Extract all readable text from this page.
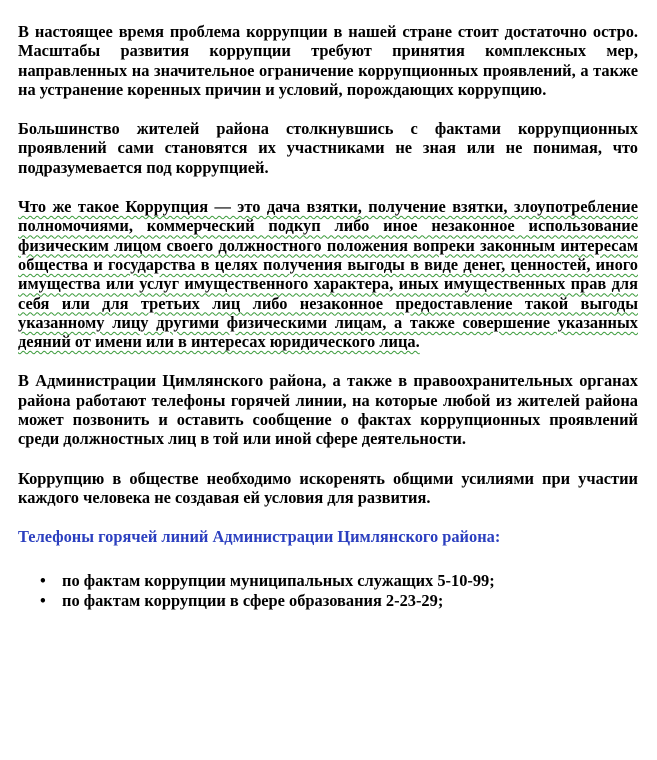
В настоящее время проблема коррупции в нашей стране стоит достаточно остро. Масштабы развития коррупции требуют принятия комплексных мер, направленных на значительное ограничение коррупционных проявлений, а также на устранение коренных причин и условий, порождающих коррупцию.

Большинство жителей района столкнувшись с фактами коррупционных проявлений сами становятся их участниками не зная или не понимая, что подразумевается под коррупцией.

Что же такое Коррупция — это дача взятки, получение взятки, злоупотребление полномочиями, коммерческий подкуп либо иное незаконное использование физическим лицом своего должностного положения вопреки законным интересам общества и государства в целях получения выгоды в виде денег, ценностей, иного имущества или услуг имущественного характера, иных имущественных прав для себя или для третьих лиц либо незаконное предоставление такой выгоды указанному лицу другими физическими лицам, а также совершение указанных деяний от имени или в интересах юридического лица.

В Администрации Цимлянского района, а также в правоохранительных органах района работают телефоны горячей линии, на которые любой из жителей района может позвонить и оставить сообщение о фактах коррупционных проявлений среди должностных лиц в той или иной сфере деятельности.

Коррупцию в обществе необходимо искоренять общими усилиями при участии каждого человека не создавая ей условия для развития.

Телефоны горячей линий Администрации Цимлянского района:

• по фактам коррупции муниципальных служащих 5-10-99;
• по фактам коррупции в сфере образования 2-23-29;
